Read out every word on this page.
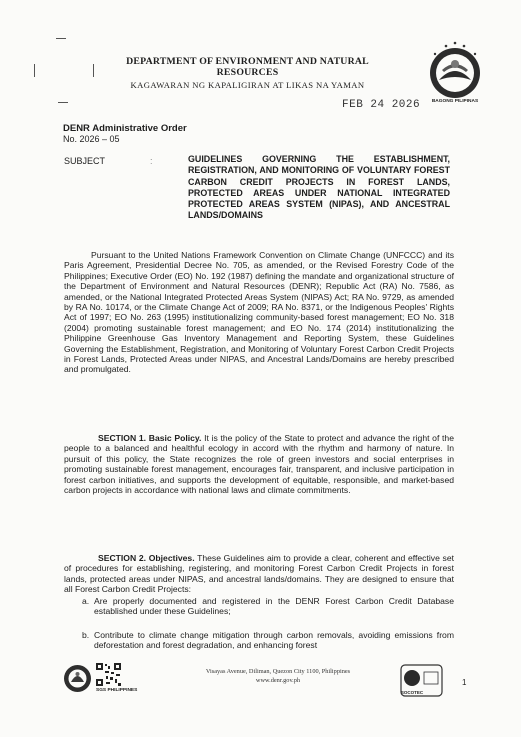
DEPARTMENT OF ENVIRONMENT AND NATURAL RESOURCES
KAGAWARAN NG KAPALIGIRAN AT LIKAS NA YAMAN
BAGONG PILIPINAS
FEB 24 2026
DENR Administrative Order
No. 2026 – 05
SUBJECT	:	GUIDELINES GOVERNING THE ESTABLISHMENT, REGISTRATION, AND MONITORING OF VOLUNTARY FOREST CARBON CREDIT PROJECTS IN FOREST LANDS, PROTECTED AREAS UNDER NATIONAL INTEGRATED PROTECTED AREAS SYSTEM (NIPAS), AND ANCESTRAL LANDS/DOMAINS
Pursuant to the United Nations Framework Convention on Climate Change (UNFCCC) and its Paris Agreement, Presidential Decree No. 705, as amended, or the Revised Forestry Code of the Philippines; Executive Order (EO) No. 192 (1987) defining the mandate and organizational structure of the Department of Environment and Natural Resources (DENR); Republic Act (RA) No. 7586, as amended, or the National Integrated Protected Areas System (NIPAS) Act; RA No. 9729, as amended by RA No. 10174, or the Climate Change Act of 2009; RA No. 8371, or the Indigenous Peoples' Rights Act of 1997; EO No. 263 (1995) institutionalizing community-based forest management; EO No. 318 (2004) promoting sustainable forest management; and EO No. 174 (2014) institutionalizing the Philippine Greenhouse Gas Inventory Management and Reporting System, these Guidelines Governing the Establishment, Registration, and Monitoring of Voluntary Forest Carbon Credit Projects in Forest Lands, Protected Areas under NIPAS, and Ancestral Lands/Domains are hereby prescribed and promulgated.
SECTION 1. Basic Policy. It is the policy of the State to protect and advance the right of the people to a balanced and healthful ecology in accord with the rhythm and harmony of nature. In pursuit of this policy, the State recognizes the role of green investors and social enterprises in promoting sustainable forest management, encourages fair, transparent, and inclusive participation in forest carbon initiatives, and supports the development of equitable, responsible, and market-based carbon projects in accordance with national laws and climate commitments.
SECTION 2. Objectives. These Guidelines aim to provide a clear, coherent and effective set of procedures for establishing, registering, and monitoring Forest Carbon Credit Projects in forest lands, protected areas under NIPAS, and ancestral lands/domains. They are designed to ensure that all Forest Carbon Credit Projects:
a. Are properly documented and registered in the DENR Forest Carbon Credit Database established under these Guidelines;
b. Contribute to climate change mitigation through carbon removals, avoiding emissions from deforestation and forest degradation, and enhancing forest
SGS PHILIPPINES
Visayas Avenue, Diliman, Quezon City 1100, Philippines
www.denr.gov.ph
SOCOTEC
1
